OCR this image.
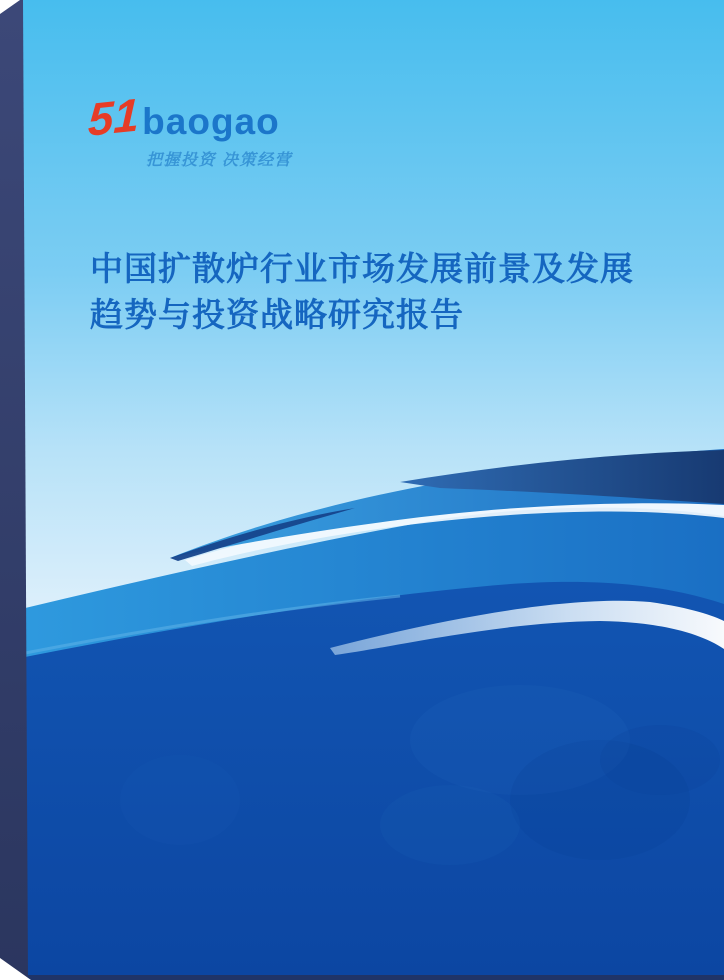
51 baogao
把握投资 决策经营
中国扩散炉行业市场发展前景及发展
趋势与投资战略研究报告
